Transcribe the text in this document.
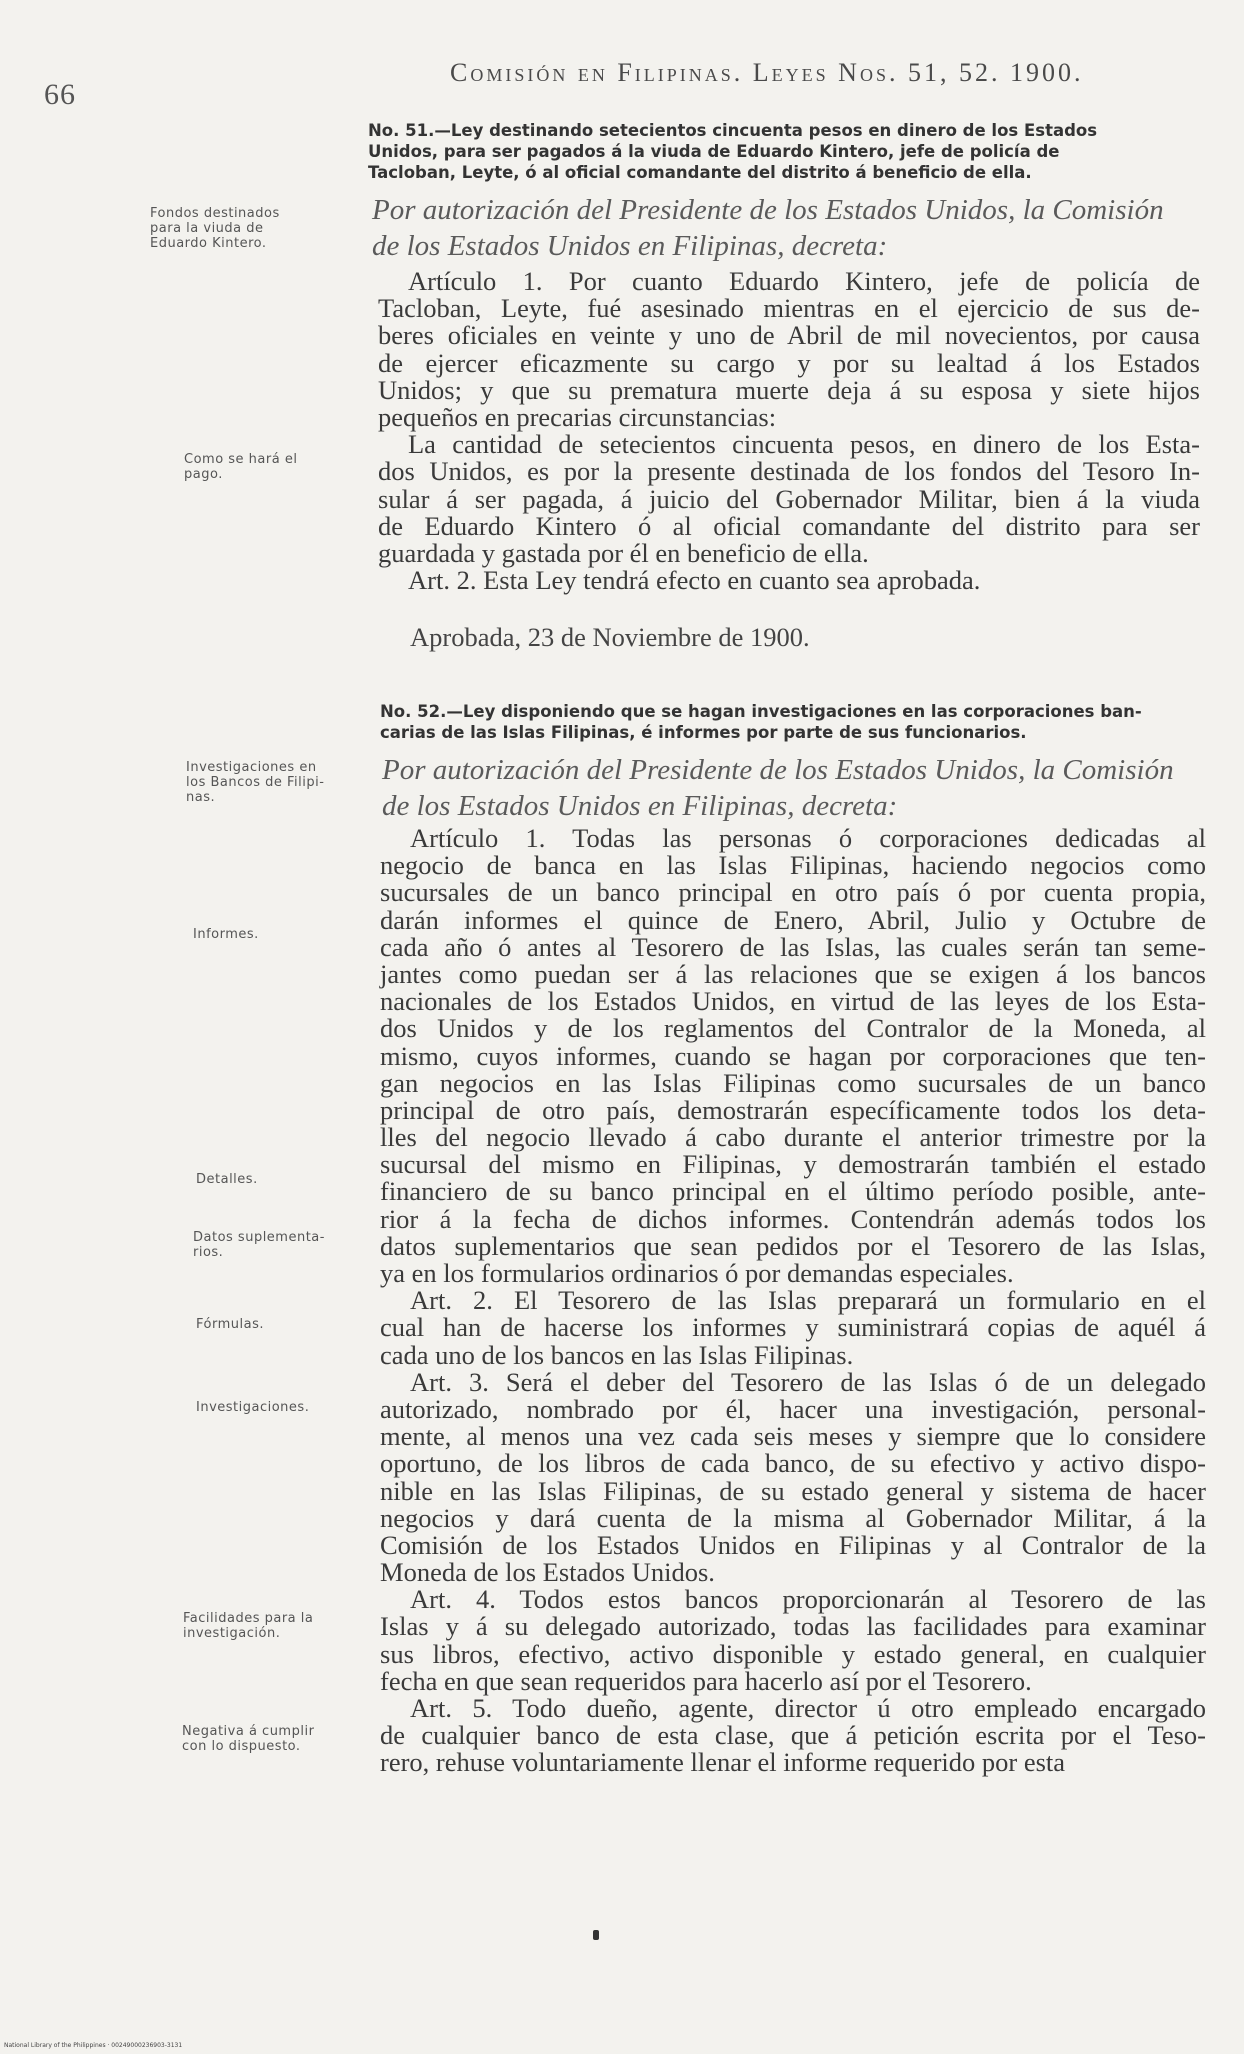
66
Comisión en Filipinas. Leyes Nos. 51, 52. 1900.
No. 51.—Ley destinando setecientos cincuenta pesos en dinero de los Estados
Unidos, para ser pagados á la viuda de Eduardo Kintero, jefe de policía de
Tacloban, Leyte, ó al oficial comandante del distrito á beneficio de ella.
Por autorización del Presidente de los Estados Unidos, la Comisión
de los Estados Unidos en Filipinas, decreta:
Artículo 1. Por cuanto Eduardo Kintero, jefe de policía de
Tacloban, Leyte, fué asesinado mientras en el ejercicio de sus de-
beres oficiales en veinte y uno de Abril de mil novecientos, por causa
de ejercer eficazmente su cargo y por su lealtad á los Estados
Unidos; y que su prematura muerte deja á su esposa y siete hijos
pequeños en precarias circunstancias:
La cantidad de setecientos cincuenta pesos, en dinero de los Esta-
dos Unidos, es por la presente destinada de los fondos del Tesoro In-
sular á ser pagada, á juicio del Gobernador Militar, bien á la viuda
de Eduardo Kintero ó al oficial comandante del distrito para ser
guardada y gastada por él en beneficio de ella.
Art. 2. Esta Ley tendrá efecto en cuanto sea aprobada.
Aprobada, 23 de Noviembre de 1900.
Fondos destinados
para la viuda de
Eduardo Kintero.
Como se hará el
pago.
No. 52.—Ley disponiendo que se hagan investigaciones en las corporaciones ban-
carias de las Islas Filipinas, é informes por parte de sus funcionarios.
Por autorización del Presidente de los Estados Unidos, la Comisión
de los Estados Unidos en Filipinas, decreta:
Artículo 1. Todas las personas ó corporaciones dedicadas al
negocio de banca en las Islas Filipinas, haciendo negocios como
sucursales de un banco principal en otro país ó por cuenta propia,
darán informes el quince de Enero, Abril, Julio y Octubre de
cada año ó antes al Tesorero de las Islas, las cuales serán tan seme-
jantes como puedan ser á las relaciones que se exigen á los bancos
nacionales de los Estados Unidos, en virtud de las leyes de los Esta-
dos Unidos y de los reglamentos del Contralor de la Moneda, al
mismo, cuyos informes, cuando se hagan por corporaciones que ten-
gan negocios en las Islas Filipinas como sucursales de un banco
principal de otro país, demostrarán específicamente todos los deta-
lles del negocio llevado á cabo durante el anterior trimestre por la
sucursal del mismo en Filipinas, y demostrarán también el estado
financiero de su banco principal en el último período posible, ante-
rior á la fecha de dichos informes. Contendrán además todos los
datos suplementarios que sean pedidos por el Tesorero de las Islas,
ya en los formularios ordinarios ó por demandas especiales.
Art. 2. El Tesorero de las Islas preparará un formulario en el
cual han de hacerse los informes y suministrará copias de aquél á
cada uno de los bancos en las Islas Filipinas.
Art. 3. Será el deber del Tesorero de las Islas ó de un delegado
autorizado, nombrado por él, hacer una investigación, personal-
mente, al menos una vez cada seis meses y siempre que lo considere
oportuno, de los libros de cada banco, de su efectivo y activo dispo-
nible en las Islas Filipinas, de su estado general y sistema de hacer
negocios y dará cuenta de la misma al Gobernador Militar, á la
Comisión de los Estados Unidos en Filipinas y al Contralor de la
Moneda de los Estados Unidos.
Art. 4. Todos estos bancos proporcionarán al Tesorero de las
Islas y á su delegado autorizado, todas las facilidades para examinar
sus libros, efectivo, activo disponible y estado general, en cualquier
fecha en que sean requeridos para hacerlo así por el Tesorero.
Art. 5. Todo dueño, agente, director ú otro empleado encargado
de cualquier banco de esta clase, que á petición escrita por el Teso-
rero, rehuse voluntariamente llenar el informe requerido por esta
Investigaciones en
los Bancos de Filipi-
nas.
Informes.
Detalles.
Datos suplementa-
rios.
Fórmulas.
Investigaciones.
Facilidades para la
investigación.
Negativa á cumplir
con lo dispuesto.
National Library of the Philippines · 00249000236903-3131
